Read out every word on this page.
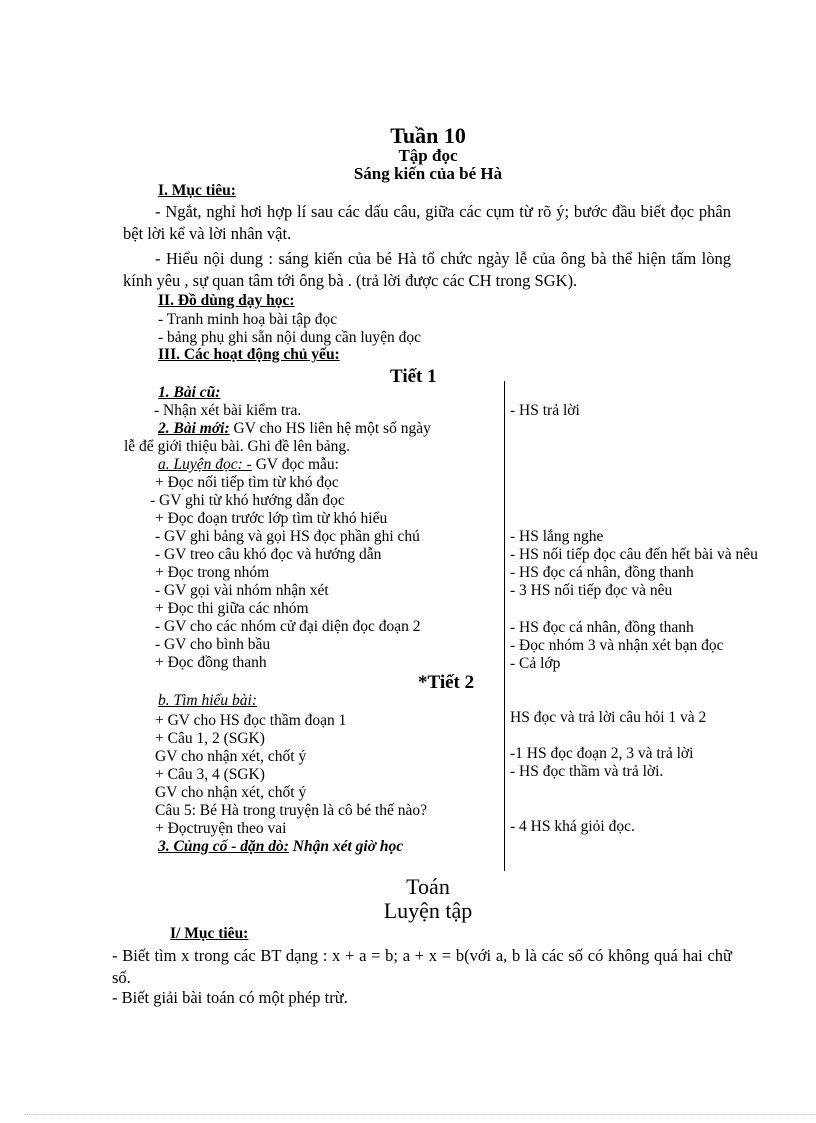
Tuần 10
Tập đọc
Sáng kiến của bé Hà
I. Mục tiêu:
- Ngắt, nghỉ hơi hợp lí sau các dấu câu, giữa các cụm từ rõ ý; bước đầu biết đọc phân bệt lời kể và lời nhân vật.
- Hiểu nội dung : sáng kiến của bé Hà tổ chức ngày lễ của ông bà thể hiện tấm lòng kính yêu , sự quan tâm tới ông bà . (trả lời được các CH trong SGK).
II. Đồ dùng dạy học:
- Tranh minh hoạ bài tập đọc
- bảng phụ ghi sẵn nội dung cần luyện đọc
III. Các hoạt động chủ yếu:
Tiết 1
1. Bài cũ:
- Nhận xét bài kiểm tra.	- HS trả lời
2. Bài mới: GV cho HS liên hệ một số ngày
lễ để giới thiệu bài. Ghi đề lên bảng.
a. Luyện đọc: - GV đọc mẫu:
+ Đọc nối tiếp tìm từ khó đọc
- GV ghi từ khó hướng dẫn đọc
+ Đọc đoạn trước lớp tìm từ khó hiểu
- GV ghi bảng và gọi HS đọc phần ghi chú	- HS lắng nghe
- GV treo câu khó đọc và hướng dẫn	- HS nối tiếp đọc câu đến hết bài và nêu
+ Đọc trong nhóm	- HS đọc cá nhân, đồng thanh
- GV gọi vài nhóm nhận xét	- 3 HS nối tiếp đọc và nêu
+ Đọc thi giữa các nhóm
- GV cho các nhóm cử đại diện đọc đoạn 2	- HS đọc cá nhân, đồng thanh
- GV cho bình bầu	- Đọc nhóm 3 và nhận xét bạn đọc
+ Đọc đồng thanh	- Cả lớp
*Tiết 2
b. Tìm hiểu bài:
+ GV cho HS đọc thầm đoạn 1	HS đọc và trả lời câu hỏi 1 và 2
+ Câu 1, 2 (SGK)
GV cho nhận xét, chốt ý	-1 HS đọc đoạn 2, 3 và trả lời
+ Câu 3, 4 (SGK)	- HS đọc thầm và trả lời.
GV cho nhận xét, chốt ý
Câu 5: Bé Hà trong truyện là cô bé thế nào?
+ Đọctruyện theo vai	- 4 HS khá giỏi đọc.
3. Củng cố - dặn dò: Nhận xét giờ học
Toán
Luyện tập
I/ Mục tiêu:
- Biết tìm x trong các BT dạng : x + a = b; a + x = b(với a, b là các số có không quá hai chữ số.
- Biết giải bài toán có một phép trừ.
